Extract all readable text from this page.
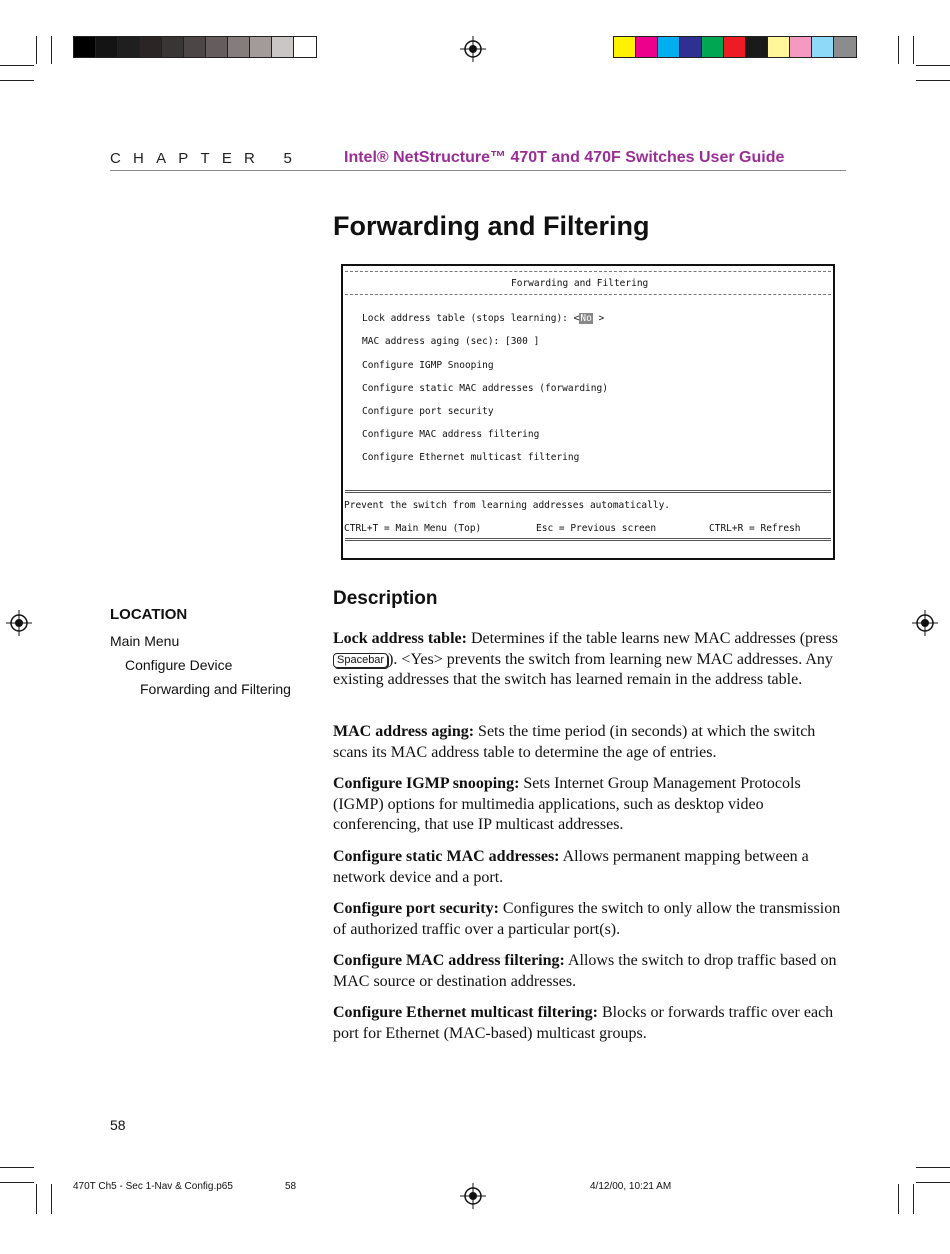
CHAPTER 5	Intel® NetStructure™ 470T and 470F Switches User Guide
Forwarding and Filtering
Forwarding and Filtering
Lock address table (stops learning): <No >
MAC address aging (sec): [300 ]
Configure IGMP Snooping
Configure static MAC addresses (forwarding)
Configure port security
Configure MAC address filtering
Configure Ethernet multicast filtering
Prevent the switch from learning addresses automatically.
CTRL+T = Main Menu (Top)	Esc = Previous screen	CTRL+R = Refresh
LOCATION
Main Menu
Configure Device
Forwarding and Filtering
Description
Lock address table: Determines if the table learns new MAC addresses (press Spacebar ). <Yes> prevents the switch from learning new MAC addresses. Any existing addresses that the switch has learned remain in the address table.
MAC address aging: Sets the time period (in seconds) at which the switch scans its MAC address table to determine the age of entries.
Configure IGMP snooping: Sets Internet Group Management Protocols (IGMP) options for multimedia applications, such as desktop video conferencing, that use IP multicast addresses.
Configure static MAC addresses: Allows permanent mapping between a network device and a port.
Configure port security: Configures the switch to only allow the transmission of authorized traffic over a particular port(s).
Configure MAC address filtering: Allows the switch to drop traffic based on MAC source or destination addresses.
Configure Ethernet multicast filtering: Blocks or forwards traffic over each port for Ethernet (MAC-based) multicast groups.
58
470T Ch5 - Sec 1-Nav & Config.p65	58	4/12/00, 10:21 AM
